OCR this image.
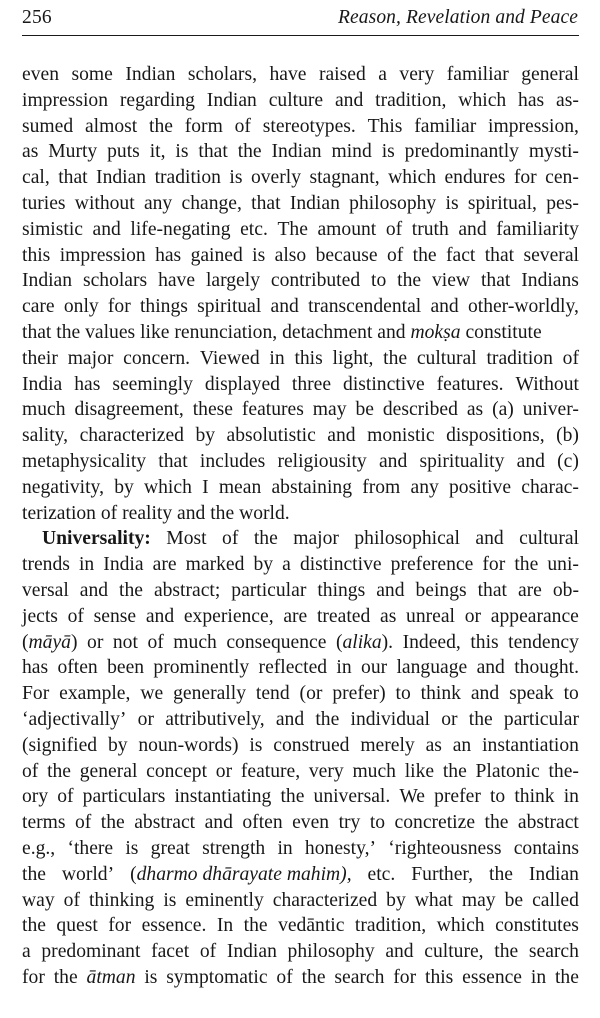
256	Reason, Revelation and Peace
even some Indian scholars, have raised a very familiar general
impression regarding Indian culture and tradition, which has as-
sumed almost the form of stereotypes. This familiar impression,
as Murty puts it, is that the Indian mind is predominantly mysti-
cal, that Indian tradition is overly stagnant, which endures for cen-
turies without any change, that Indian philosophy is spiritual, pes-
simistic and life-negating etc. The amount of truth and familiarity
this impression has gained is also because of the fact that several
Indian scholars have largely contributed to the view that Indians
care only for things spiritual and transcendental and other-worldly,
that the values like renunciation, detachment and mokṣa constitute
their major concern. Viewed in this light, the cultural tradition of
India has seemingly displayed three distinctive features. Without
much disagreement, these features may be described as (a) univer-
sality, characterized by absolutistic and monistic dispositions, (b)
metaphysicality that includes religiousity and spirituality and (c)
negativity, by which I mean abstaining from any positive charac-
terization of reality and the world.
Universality: Most of the major philosophical and cultural
trends in India are marked by a distinctive preference for the uni-
versal and the abstract; particular things and beings that are ob-
jects of sense and experience, are treated as unreal or appearance
(māyā) or not of much consequence (alika). Indeed, this tendency
has often been prominently reflected in our language and thought.
For example, we generally tend (or prefer) to think and speak to
‘adjectivally’ or attributively, and the individual or the particular
(signified by noun-words) is construed merely as an instantiation
of the general concept or feature, very much like the Platonic the-
ory of particulars instantiating the universal. We prefer to think in
terms of the abstract and often even try to concretize the abstract
e.g., ‘there is great strength in honesty,’ ‘righteousness contains
the world’ (dharmo dhārayate mahim), etc. Further, the Indian
way of thinking is eminently characterized by what may be called
the quest for essence. In the vedāntic tradition, which constitutes
a predominant facet of Indian philosophy and culture, the search
for the ātman is symptomatic of the search for this essence in the
